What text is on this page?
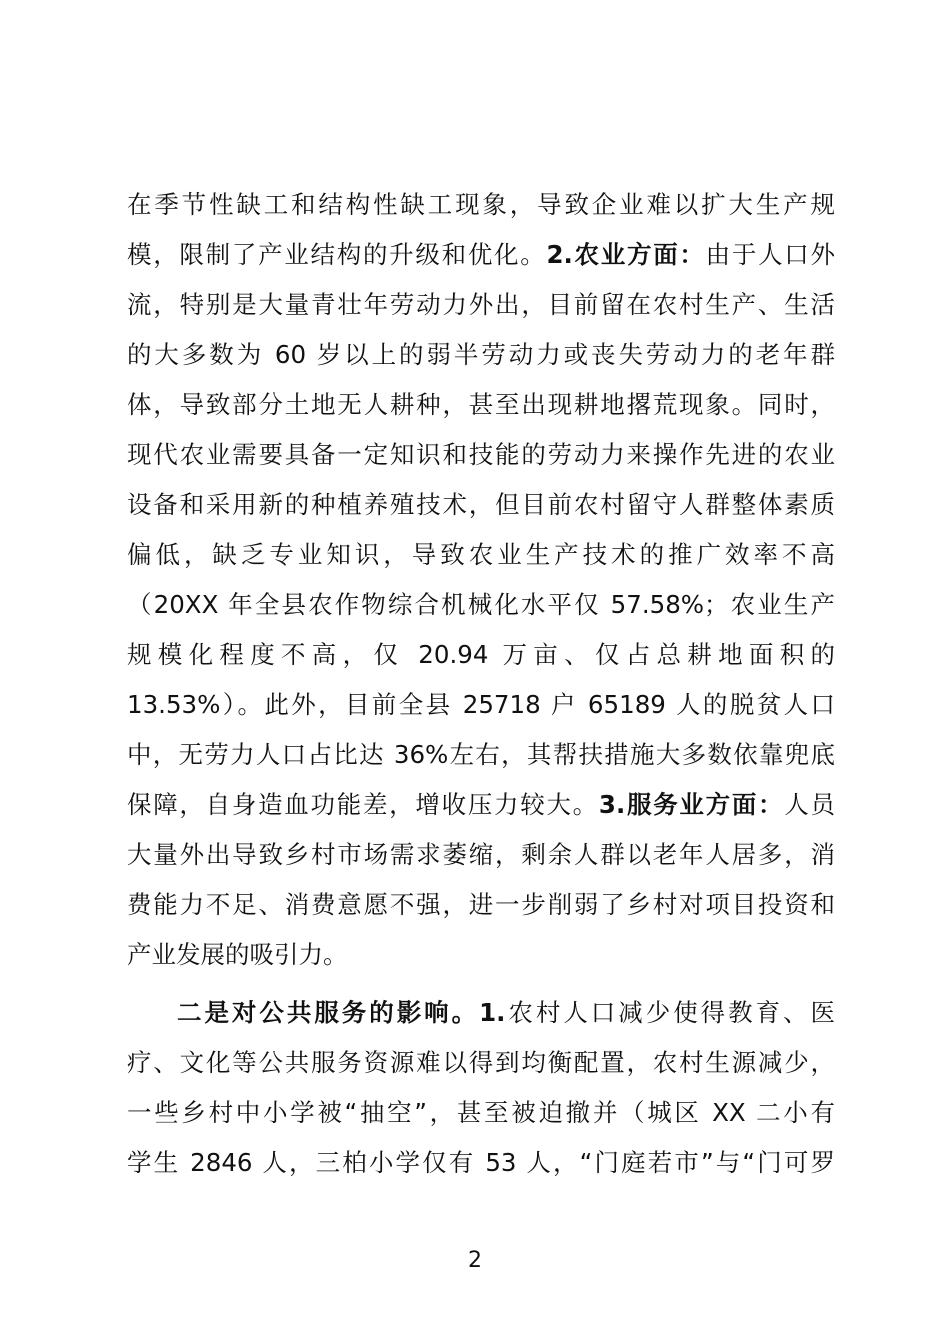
在季节性缺工和结构性缺工现象，导致企业难以扩大生产规
模，限制了产业结构的升级和优化。2.农业方面：由于人口外
流，特别是大量青壮年劳动力外出，目前留在农村生产、生活
的大多数为 60 岁以上的弱半劳动力或丧失劳动力的老年群
体，导致部分土地无人耕种，甚至出现耕地撂荒现象。同时，
现代农业需要具备一定知识和技能的劳动力来操作先进的农业
设备和采用新的种植养殖技术，但目前农村留守人群整体素质
偏低，缺乏专业知识，导致农业生产技术的推广效率不高
（20XX 年全县农作物综合机械化水平仅 57.58%；农业生产
规模化程度不高，仅 20.94 万亩、仅占总耕地面积的
13.53%）。此外，目前全县 25718 户 65189 人的脱贫人口
中，无劳力人口占比达 36%左右，其帮扶措施大多数依靠兜底
保障，自身造血功能差，增收压力较大。3.服务业方面：人员
大量外出导致乡村市场需求萎缩，剩余人群以老年人居多，消
费能力不足、消费意愿不强，进一步削弱了乡村对项目投资和
产业发展的吸引力。
二是对公共服务的影响。1.农村人口减少使得教育、医
疗、文化等公共服务资源难以得到均衡配置，农村生源减少，
一些乡村中小学被“抽空”，甚至被迫撤并（城区 XX 二小有
学生 2846 人，三柏小学仅有 53 人，“门庭若市”与“门可罗
2
